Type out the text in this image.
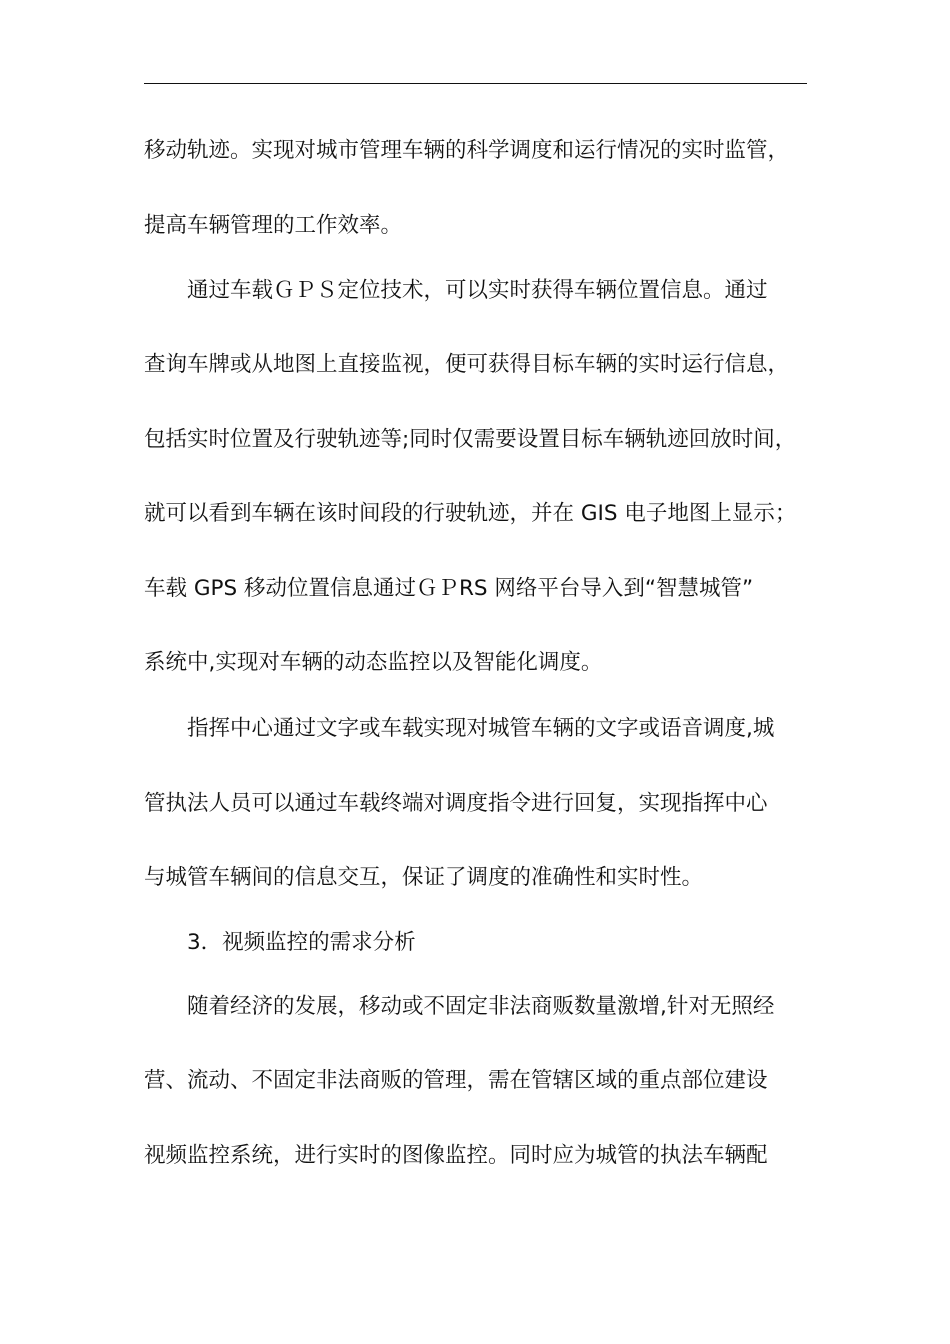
移动轨迹。实现对城市管理车辆的科学调度和运行情况的实时监管，
提高车辆管理的工作效率。
通过车载ＧＰＳ定位技术，可以实时获得车辆位置信息。通过
查询车牌或从地图上直接监视，便可获得目标车辆的实时运行信息，
包括实时位置及行驶轨迹等;同时仅需要设置目标车辆轨迹回放时间，
就可以看到车辆在该时间段的行驶轨迹，并在 GIS 电子地图上显示；
车载 GPS 移动位置信息通过ＧＰRS 网络平台导入到“智慧城管”
系统中,实现对车辆的动态监控以及智能化调度。
指挥中心通过文字或车载实现对城管车辆的文字或语音调度,城
管执法人员可以通过车载终端对调度指令进行回复，实现指挥中心
与城管车辆间的信息交互，保证了调度的准确性和实时性。
3．视频监控的需求分析
随着经济的发展，移动或不固定非法商贩数量激增,针对无照经
营、流动、不固定非法商贩的管理，需在管辖区域的重点部位建设
视频监控系统，进行实时的图像监控。同时应为城管的执法车辆配
